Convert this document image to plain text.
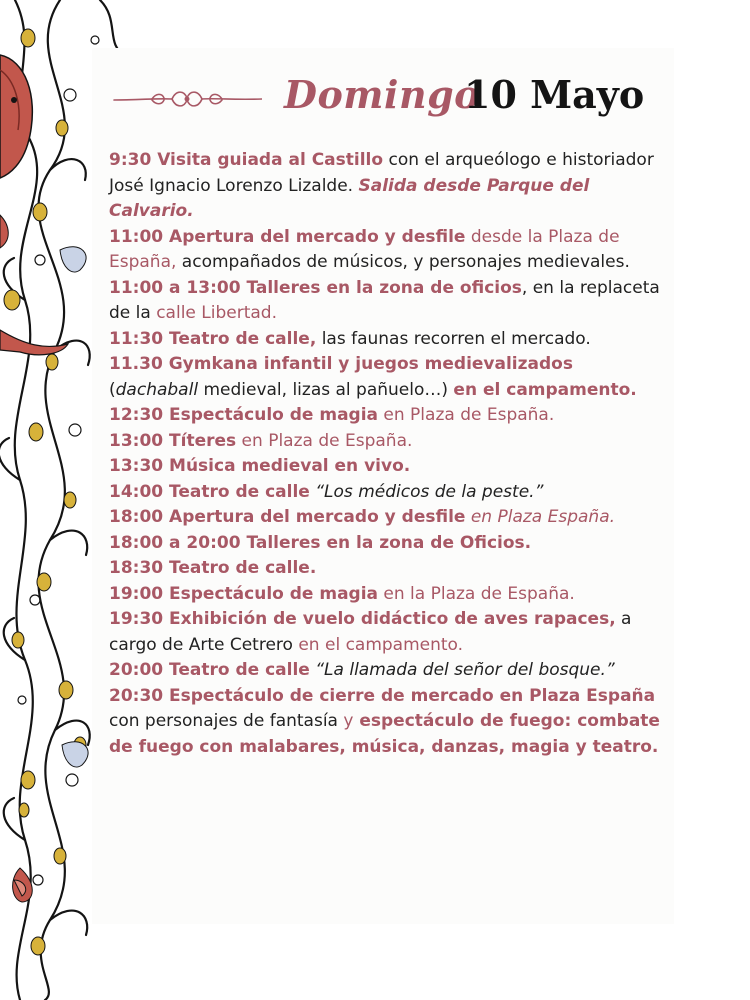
Domingo
10 Mayo

9:30 Visita guiada al Castillo con el arqueólogo e historiador José Ignacio Lorenzo Lizalde. Salida desde Parque del Calvario.

11:00 Apertura del mercado y desfile desde la Plaza de España, acompañados de músicos, y personajes medievales.

11:00 a 13:00 Talleres en la zona de oficios, en la replaceta de la calle Libertad.

11:30 Teatro de calle, las faunas recorren el mercado.

11.30 Gymkana infantil y juegos medievalizados (dachaball medieval, lizas al pañuelo…) en el campamento.

12:30 Espectáculo de magia en Plaza de España.

13:00 Títeres en Plaza de España.

13:30 Música medieval en vivo.

14:00 Teatro de calle “Los médicos de la peste.”

18:00 Apertura del mercado y desfile en Plaza España.

18:00 a 20:00 Talleres en la zona de Oficios.

18:30 Teatro de calle.

19:00 Espectáculo de magia en la Plaza de España.

19:30 Exhibición de vuelo didáctico de aves rapaces, a cargo de Arte Cetrero en el campamento.

20:00 Teatro de calle “La llamada del señor del bosque.”

20:30 Espectáculo de cierre de mercado en Plaza España con personajes de fantasía y espectáculo de fuego: combate de fuego con malabares, música, danzas, magia y teatro.
